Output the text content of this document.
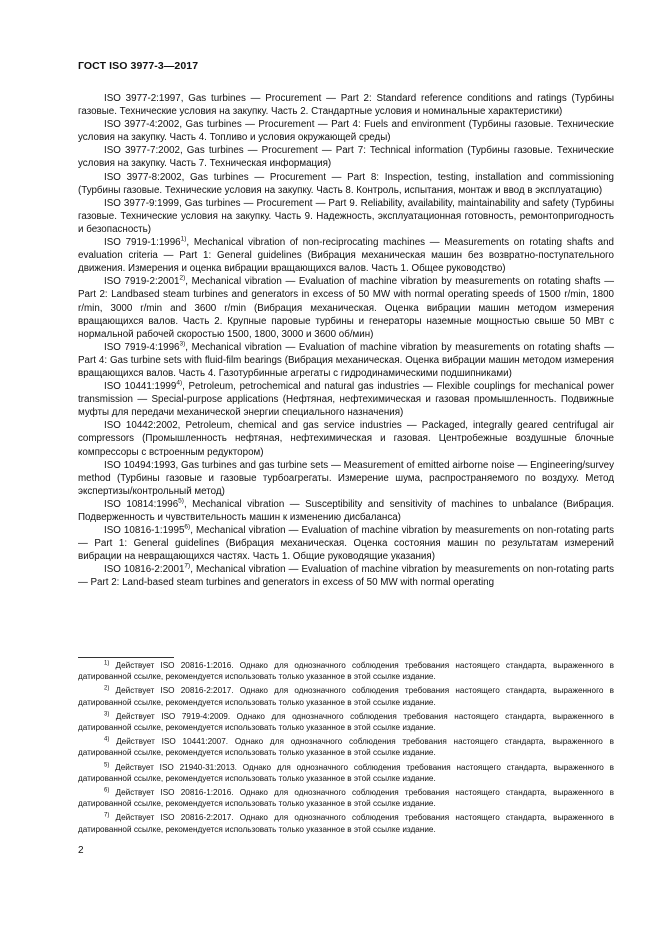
ГОСТ ISO 3977-3—2017

ISO 3977-2:1997, Gas turbines — Procurement — Part 2: Standard reference conditions and ratings (Турбины газовые. Технические условия на закупку. Часть 2. Стандартные условия и номинальные характеристики)

ISO 3977-4:2002, Gas turbines — Procurement — Part 4: Fuels and environment (Турбины газовые. Технические условия на закупку. Часть 4. Топливо и условия окружающей среды)

ISO 3977-7:2002, Gas turbines — Procurement — Part 7: Technical information (Турбины газовые. Технические условия на закупку. Часть 7. Техническая информация)

ISO 3977-8:2002, Gas turbines — Procurement — Part 8: Inspection, testing, installation and commissioning (Турбины газовые. Технические условия на закупку. Часть 8. Контроль, испытания, монтаж и ввод в эксплуатацию)

ISO 3977-9:1999, Gas turbines — Procurement — Part 9. Reliability, availability, maintainability and safety (Турбины газовые. Технические условия на закупку. Часть 9. Надежность, эксплуатационная готовность, ремонтопригодность и безопасность)

ISO 7919-1:1996$^{1)}$, Mechanical vibration of non-reciprocating machines — Measurements on rotating shafts and evaluation criteria — Part 1: General guidelines (Вибрация механическая машин без возвратно-поступательного движения. Измерения и оценка вибрации вращающихся валов. Часть 1. Общее руководство)

ISO 7919-2:2001$^{2)}$, Mechanical vibration — Evaluation of machine vibration by measurements on rotating shafts — Part 2: Landbased steam turbines and generators in excess of 50 MW with normal operating speeds of 1500 r/min, 1800 r/min, 3000 r/min and 3600 r/min (Вибрация механическая. Оценка вибрации машин методом измерения вращающихся валов. Часть 2. Крупные паровые турбины и генераторы наземные мощностью свыше 50 МВт с нормальной рабочей скоростью 1500, 1800, 3000 и 3600 об/мин)

ISO 7919-4:1996$^{3)}$, Mechanical vibration — Evaluation of machine vibration by measurements on rotating shafts — Part 4: Gas turbine sets with fluid-film bearings (Вибрация механическая. Оценка вибрации машин методом измерения вращающихся валов. Часть 4. Газотурбинные агрегаты с гидродинамическими подшипниками)

ISO 10441:1999$^{4)}$, Petroleum, petrochemical and natural gas industries — Flexible couplings for mechanical power transmission — Special-purpose applications (Нефтяная, нефтехимическая и газовая промышленность. Подвижные муфты для передачи механической энергии специального назначения)

ISO 10442:2002, Petroleum, chemical and gas service industries — Packaged, integrally geared centrifugal air compressors (Промышленность нефтяная, нефтехимическая и газовая. Центробежные воздушные блочные компрессоры с встроенным редуктором)

ISO 10494:1993, Gas turbines and gas turbine sets — Measurement of emitted airborne noise — Engineering/survey method (Турбины газовые и газовые турбоагрегаты. Измерение шума, распространяемого по воздуху. Метод экспертизы/контрольный метод)

ISO 10814:1996$^{5)}$, Mechanical vibration — Susceptibility and sensitivity of machines to unbalance (Вибрация. Подверженность и чувствительность машин к изменению дисбаланса)

ISO 10816-1:1995$^{6)}$, Mechanical vibration — Evaluation of machine vibration by measurements on non-rotating parts — Part 1: General guidelines (Вибрация механическая. Оценка состояния машин по результатам измерений вибрации на невращающихся частях. Часть 1. Общие руководящие указания)

ISO 10816-2:2001$^{7)}$, Mechanical vibration — Evaluation of machine vibration by measurements on non-rotating parts — Part 2: Land-based steam turbines and generators in excess of 50 MW with normal operating

$^{1)}$ Действует ISO 20816-1:2016. Однако для однозначного соблюдения требования настоящего стандарта, выраженного в датированной ссылке, рекомендуется использовать только указанное в этой ссылке издание.

$^{2)}$ Действует ISO 20816-2:2017. Однако для однозначного соблюдения требования настоящего стандарта, выраженного в датированной ссылке, рекомендуется использовать только указанное в этой ссылке издание.

$^{3)}$ Действует ISO 7919-4:2009. Однако для однозначного соблюдения требования настоящего стандарта, выраженного в датированной ссылке, рекомендуется использовать только указанное в этой ссылке издание.

$^{4)}$ Действует ISO 10441:2007. Однако для однозначного соблюдения требования настоящего стандарта, выраженного в датированной ссылке, рекомендуется использовать только указанное в этой ссылке издание.

$^{5)}$ Действует ISO 21940-31:2013. Однако для однозначного соблюдения требования настоящего стандарта, выраженного в датированной ссылке, рекомендуется использовать только указанное в этой ссылке издание.

$^{6)}$ Действует ISO 20816-1:2016. Однако для однозначного соблюдения требования настоящего стандарта, выраженного в датированной ссылке, рекомендуется использовать только указанное в этой ссылке издание.

$^{7)}$ Действует ISO 20816-2:2017. Однако для однозначного соблюдения требования настоящего стандарта, выраженного в датированной ссылке, рекомендуется использовать только указанное в этой ссылке издание.

2
